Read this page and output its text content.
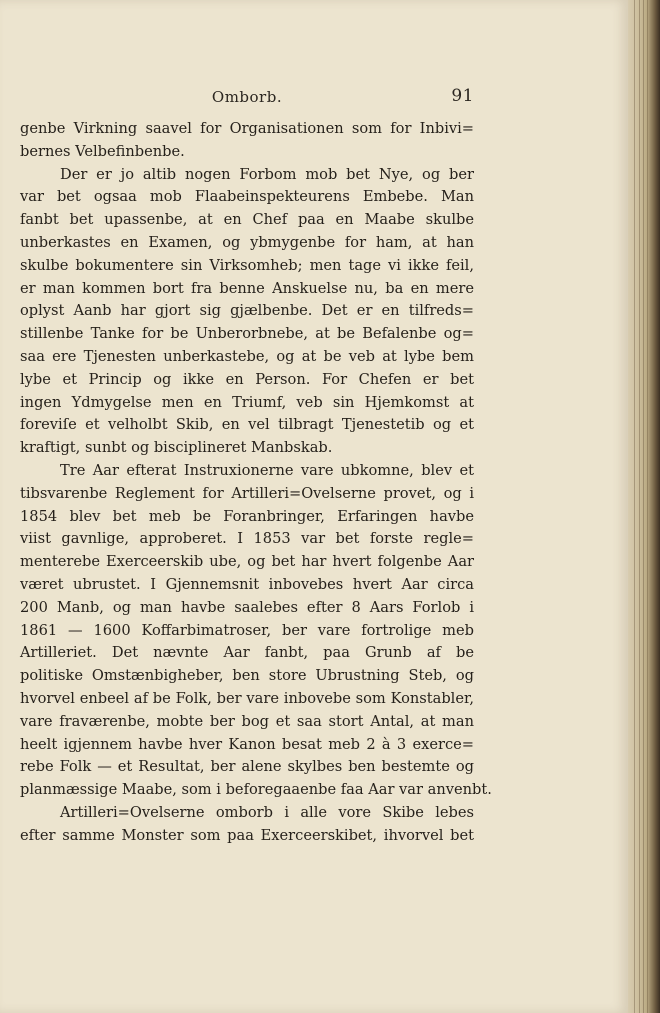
Omborb.	91
genbe Virkning saavel for Organisationen som for Inbivi=
bernes Velbefinbenbe.
Der er jo altib nogen Forbom mob bet Nye, og ber
var bet ogsaa mob Flaabeinspekteurens Embebe. Man
fanbt bet upassenbe, at en Chef paa en Maabe skulbe
unberkastes en Examen, og ybmygenbe for ham, at han
skulbe bokumentere sin Virksomheb; men tage vi ikke feil,
er man kommen bort fra benne Anskuelse nu, ba en mere
oplyst Aanb har gjort sig gjælbenbe. Det er en tilfreds=
stillenbe Tanke for be Unberorbnebe, at be Befalenbe og=
saa ere Tjenesten unberkastebe, og at be veb at lybe bem
lybe et Princip og ikke en Person. For Chefen er bet
ingen Ydmygelse men en Triumf, veb sin Hjemkomst at
foreviſe et velholbt Skib, en vel tilbragt Tjenestetib og et
kraftigt, sunbt og bisciplineret Manbskab.
Tre Aar efterat Instruxionerne vare ubkomne, blev et
tibsvarenbe Reglement for Artilleri=Ovelserne provet, og i
1854 blev bet meb be Foranbringer, Erfaringen havbe
viist gavnlige, approberet. I 1853 var bet forste regle=
menterebe Exerceerskib ube, og bet har hvert folgenbe Aar
været ubrustet. I Gjennemsnit inbovebes hvert Aar circa
200 Manb, og man havbe saalebes efter 8 Aars Forlob i
1861 — 1600 Koffarbimatroser, ber vare fortrolige meb
Artilleriet. Det nævnte Aar fanbt, paa Grunb af be
politiske Omstænbigheber, ben store Ubrustning Steb, og
hvorvel enbeel af be Folk, ber vare inbovebe som Konstabler,
vare fraværenbe, mobte ber bog et saa stort Antal, at man
heelt igjennem havbe hver Kanon besat meb 2 à 3 exerce=
rebe Folk — et Resultat, ber alene skylbes ben bestemte og
planmæssige Maabe, som i beforegaaenbe faa Aar var anvenbt.
Artilleri=Ovelserne omborb i alle vore Skibe lebes
efter samme Monster som paa Exerceerskibet, ihvorvel bet
